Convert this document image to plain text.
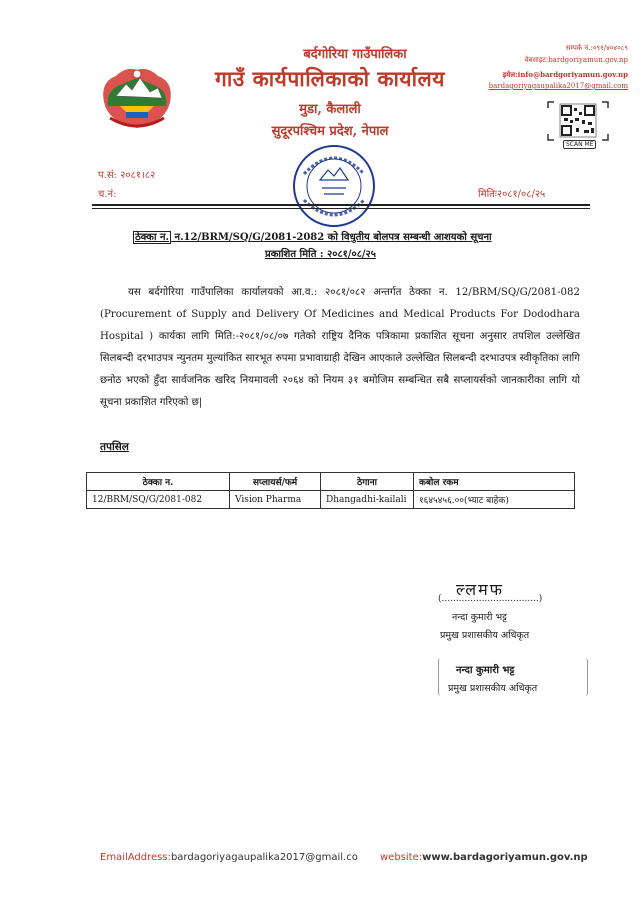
बर्दगोरिया गाउँपालिका
गाउँ कार्यपालिकाको कार्यालय
मुडा, कैलाली
सुदूरपश्चिम प्रदेश, नेपाल
सम्पर्क नं.:०९१/४०४०८९
वेबसाइट:bardgoriyamun.gov.np
इमेल:info@bardgoriyamun.gov.np
bardagoriyagaupalika2017@gmail.com
SCAN ME
प.सं: २०८१।८२
च.नं:	मितिः२०८१/०८/२५
ठेक्का न. न.12/BRM/SQ/G/2081-2082 को विधुतीय बोलपत्र सम्बन्धी आशयको सूचना
प्रकाशित मिति : २०८१/०८/२५

यस बर्दगोरिया गाउँपालिका कार्यालयको आ.व.: २०८१/०८२ अन्तर्गत ठेक्का न. 12/BRM/SQ/G/2081-082 (Procurement of Supply and Delivery Of Medicines and Medical Products For Dododhara Hospital ) कार्यका लागि मिति:-२०८१/०८/०७ गतेको राष्ट्रिय दैनिक पत्रिकामा प्रकाशित सूचना अनुसार तपशिल उल्लेखित सिलबन्दी दरभाउपत्र न्युनतम मुल्यांकित सारभूत रुपमा प्रभावाग्राही देखिन आएकाले उल्लेखित सिलबन्दी दरभाउपत्र स्वीकृतिका लागि छनोठ भएको हुँदा सार्वजनिक खरिद नियमावली २०६४ को नियम ३१ बमोजिम सम्बन्धित सबै सप्लायर्सको जानकारीका लागि यो सूचना प्रकाशित गरिएको छ|

तपसिल
ठेक्का न.	सप्लायर्स/फर्म	ठेगाना	कबोल रकम
12/BRM/SQ/G/2081-082	Vision Pharma	Dhangadhi-kailali	१६४५४५६.००(भ्याट बाहेक)
ल्लमफ
(..................................)
नन्दा कुमारी भट्ट
प्रमुख प्रशासकीय अधिकृत
नन्दा कुमारी भट्ट
प्रमुख प्रशासकीय अधिकृत
EmailAddress:bardagoriyagaupalika2017@gmail.co website:www.bardagoriyamun.gov.np
